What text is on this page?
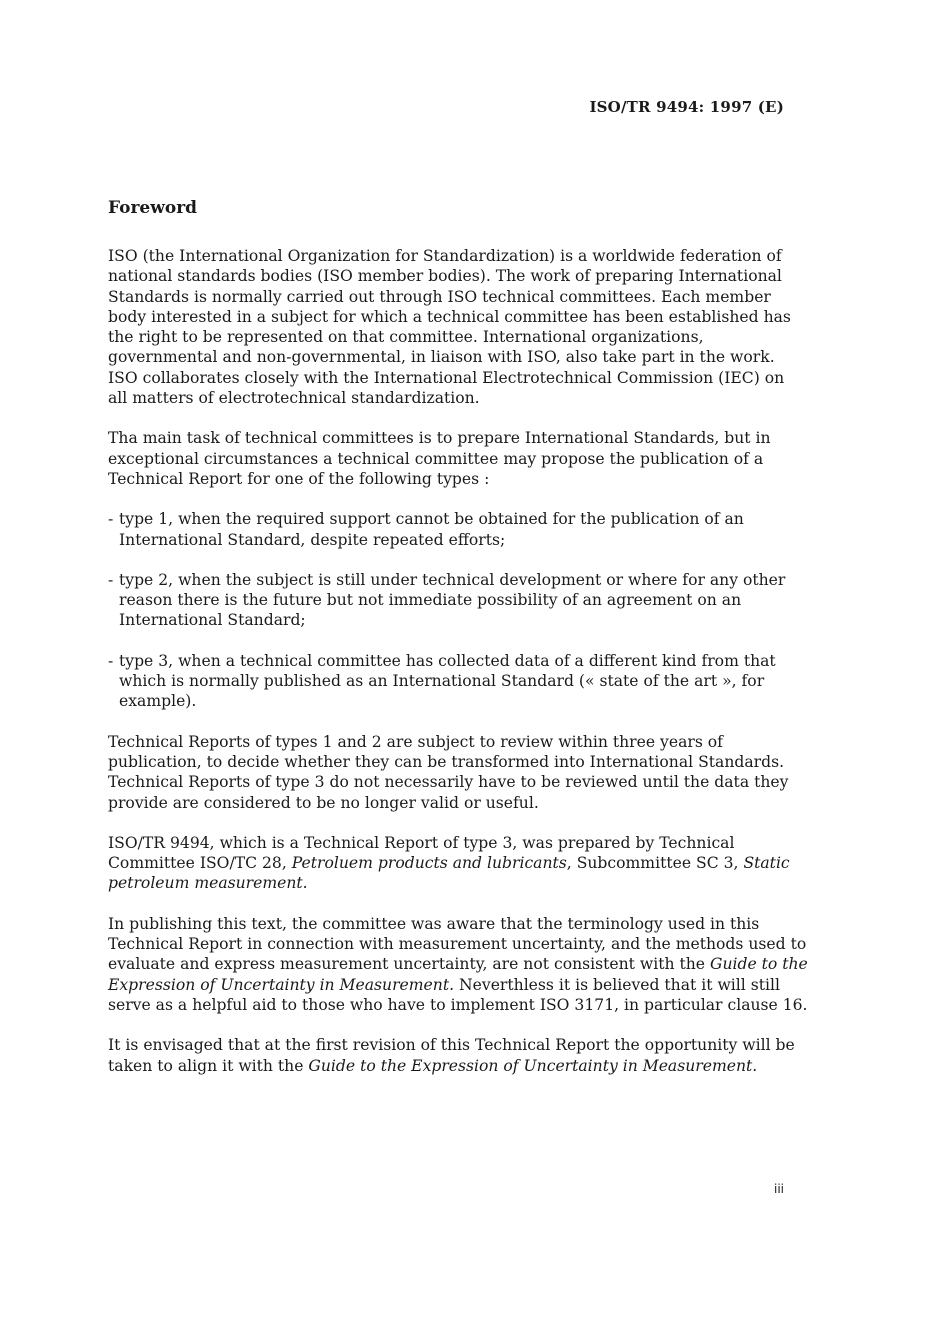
ISO/TR 9494: 1997 (E)
Foreword

ISO (the International Organization for Standardization) is a worldwide federation of national standards bodies (ISO member bodies). The work of preparing International Standards is normally carried out through ISO technical committees. Each member body interested in a subject for which a technical committee has been established has the right to be represented on that committee. International organizations, governmental and non-governmental, in liaison with ISO, also take part in the work. ISO collaborates closely with the International Electrotechnical Commission (IEC) on all matters of electrotechnical standardization.

Tha main task of technical committees is to prepare International Standards, but in exceptional circumstances a technical committee may propose the publication of a Technical Report for one of the following types :

- type 1, when the required support cannot be obtained for the publication of an International Standard, despite repeated efforts;
- type 2, when the subject is still under technical development or where for any other reason there is the future but not immediate possibility of an agreement on an International Standard;
- type 3, when a technical committee has collected data of a different kind from that which is normally published as an International Standard (« state of the art », for example).

Technical Reports of types 1 and 2 are subject to review within three years of publication, to decide whether they can be transformed into International Standards. Technical Reports of type 3 do not necessarily have to be reviewed until the data they provide are considered to be no longer valid or useful.

ISO/TR 9494, which is a Technical Report of type 3, was prepared by Technical Committee ISO/TC 28, Petroluem products and lubricants, Subcommittee SC 3, Static petroleum measurement.

In publishing this text, the committee was aware that the terminology used in this Technical Report in connection with measurement uncertainty, and the methods used to evaluate and express measurement uncertainty, are not consistent with the Guide to the Expression of Uncertainty in Measurement. Neverthless it is believed that it will still serve as a helpful aid to those who have to implement ISO 3171, in particular clause 16.

It is envisaged that at the first revision of this Technical Report the opportunity will be taken to align it with the Guide to the Expression of Uncertainty in Measurement.

iii
